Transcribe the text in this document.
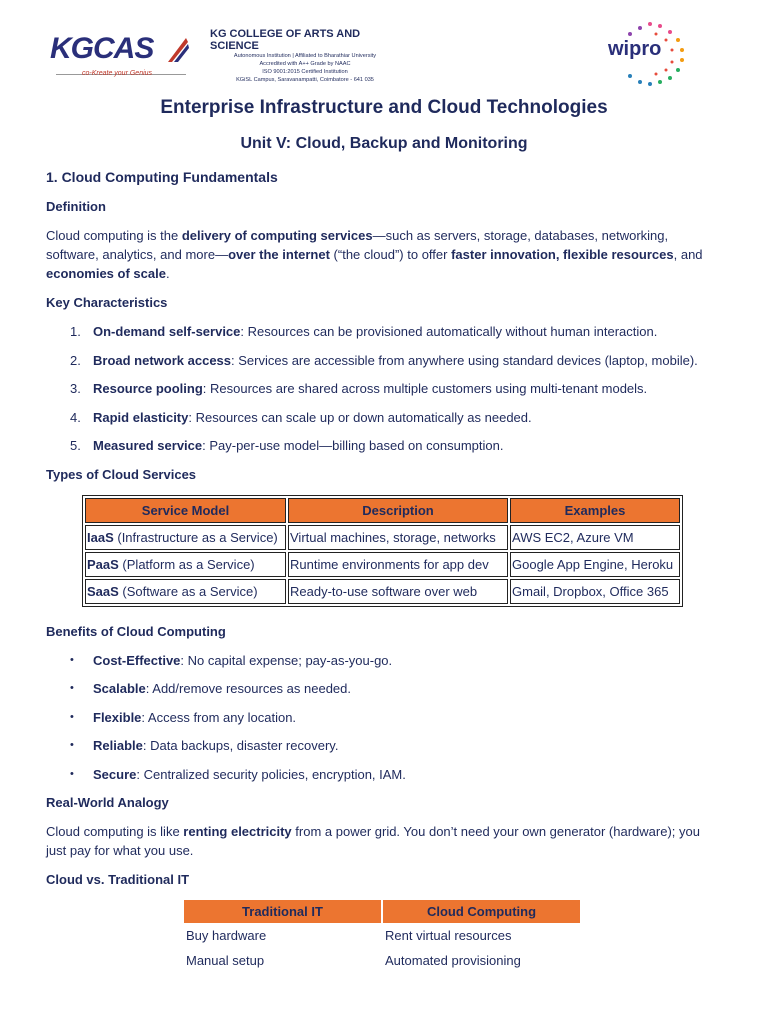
KGCAS
co-Kreate your Genius
KG COLLEGE OF ARTS AND SCIENCE
Autonomous Institution | Affiliated to Bharathiar University
Accredited with A++ Grade by NAAC
ISO 9001:2015 Certified Institution
KGiSL Campus, Saravanampatti, Coimbatore - 641 035
wipro
Enterprise Infrastructure and Cloud Technologies
Unit V: Cloud, Backup and Monitoring
1. Cloud Computing Fundamentals
Definition

Cloud computing is the delivery of computing services—such as servers, storage, databases, networking, software, analytics, and more—over the internet (“the cloud”) to offer faster innovation, flexible resources, and economies of scale.

Key Characteristics
1. On-demand self-service: Resources can be provisioned automatically without human interaction.
2. Broad network access: Services are accessible from anywhere using standard devices (laptop, mobile).
3. Resource pooling: Resources are shared across multiple customers using multi-tenant models.
4. Rapid elasticity: Resources can scale up or down automatically as needed.
5. Measured service: Pay-per-use model—billing based on consumption.
Types of Cloud Services
Service Model	Description	Examples
IaaS (Infrastructure as a Service)	Virtual machines, storage, networks	AWS EC2, Azure VM
PaaS (Platform as a Service)	Runtime environments for app dev	Google App Engine, Heroku
SaaS (Software as a Service)	Ready-to-use software over web	Gmail, Dropbox, Office 365
Benefits of Cloud Computing
• Cost-Effective: No capital expense; pay-as-you-go.
• Scalable: Add/remove resources as needed.
• Flexible: Access from any location.
• Reliable: Data backups, disaster recovery.
• Secure: Centralized security policies, encryption, IAM.
Real-World Analogy

Cloud computing is like renting electricity from a power grid. You don’t need your own generator (hardware); you just pay for what you use.

Cloud vs. Traditional IT
Traditional IT	Cloud Computing
Buy hardware	Rent virtual resources
Manual setup	Automated provisioning
